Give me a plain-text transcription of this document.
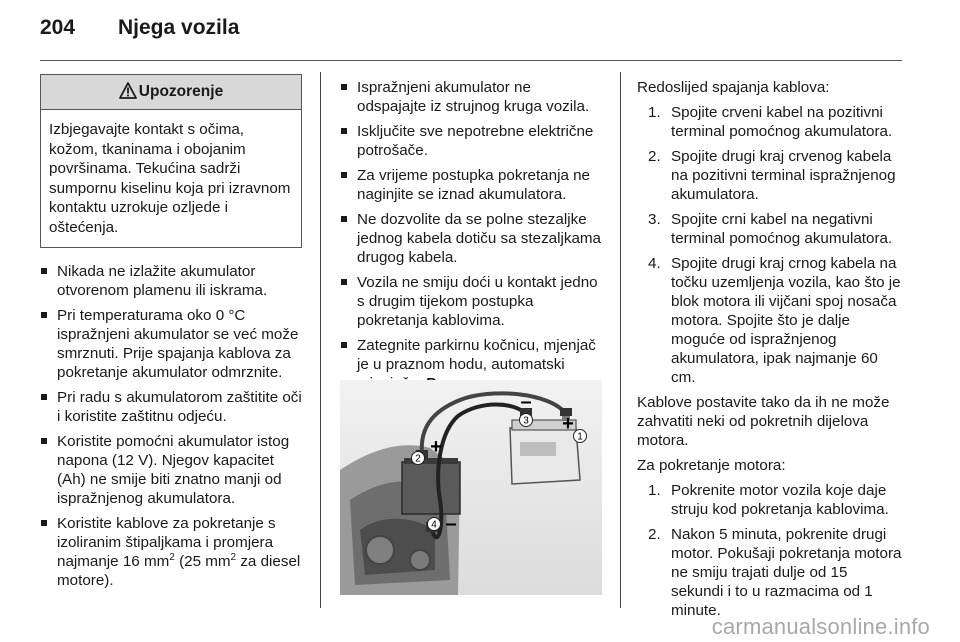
204 Njega vozila
Upozorenje
Izbjegavajte kontakt s očima, kožom, tkaninama i obojanim površinama. Tekućina sadrži sumpornu kiselinu koja pri izravnom kontaktu uzrokuje ozljede i oštećenja.
Nikada ne izlažite akumulator otvorenom plamenu ili iskrama.
Pri temperaturama oko 0 °C ispražnjeni akumulator se već može smrznuti. Prije spajanja kablova za pokretanje akumulator odmrznite.
Pri radu s akumulatorom zaštitite oči i koristite zaštitnu odjeću.
Koristite pomoćni akumulator istog napona (12 V). Njegov kapacitet (Ah) ne smije biti znatno manji od ispražnjenog akumulatora.
Koristite kablove za pokretanje s izoliranim štipaljkama i promjera najmanje 16 $mm^2$ (25 $mm^2$ za diesel motore).
Ispražnjeni akumulator ne odspajajte iz strujnog kruga vozila.
Isključite sve nepotrebne električne potrošače.
Za vrijeme postupka pokretanja ne naginjite se iznad akumulatora.
Ne dozvolite da se polne stezaljke jednog kabela dotiču sa stezaljkama drugog kabela.
Vozila ne smiju doći u kontakt jedno s drugim tijekom postupka pokretanja kablovima.
Zategnite parkirnu kočnicu, mjenjač je u praznom hodu, automatski
1
+
2
+
3
–
4 –

Redoslijed spajanja kablova:

1. Spojite crveni kabel na pozitivni terminal pomoćnog akumulatora.
2. Spojite drugi kraj crvenog kabela na pozitivni terminal ispražnjenog akumulatora.
3. Spojite crni kabel na negativni terminal pomoćnog akumulatora.
4. Spojite drugi kraj crnog kabela na točku uzemljenja vozila, kao što je blok motora ili vijčani spoj nosača motora. Spojite što je dalje moguće od ispražnjenog akumulatora, ipak najmanje 60 cm.

Kablove postavite tako da ih ne može zahvatiti neki od pokretnih dijelova motora.

Za pokretanje motora:

1. Pokrenite motor vozila koje daje struju kod pokretanja kablovima.
2. Nakon 5 minuta, pokrenite drugi motor. Pokušaji pokretanja motora ne smiju trajati dulje od 15 sekundi i to u razmacima od 1 minute.
carmanualsonline.info
